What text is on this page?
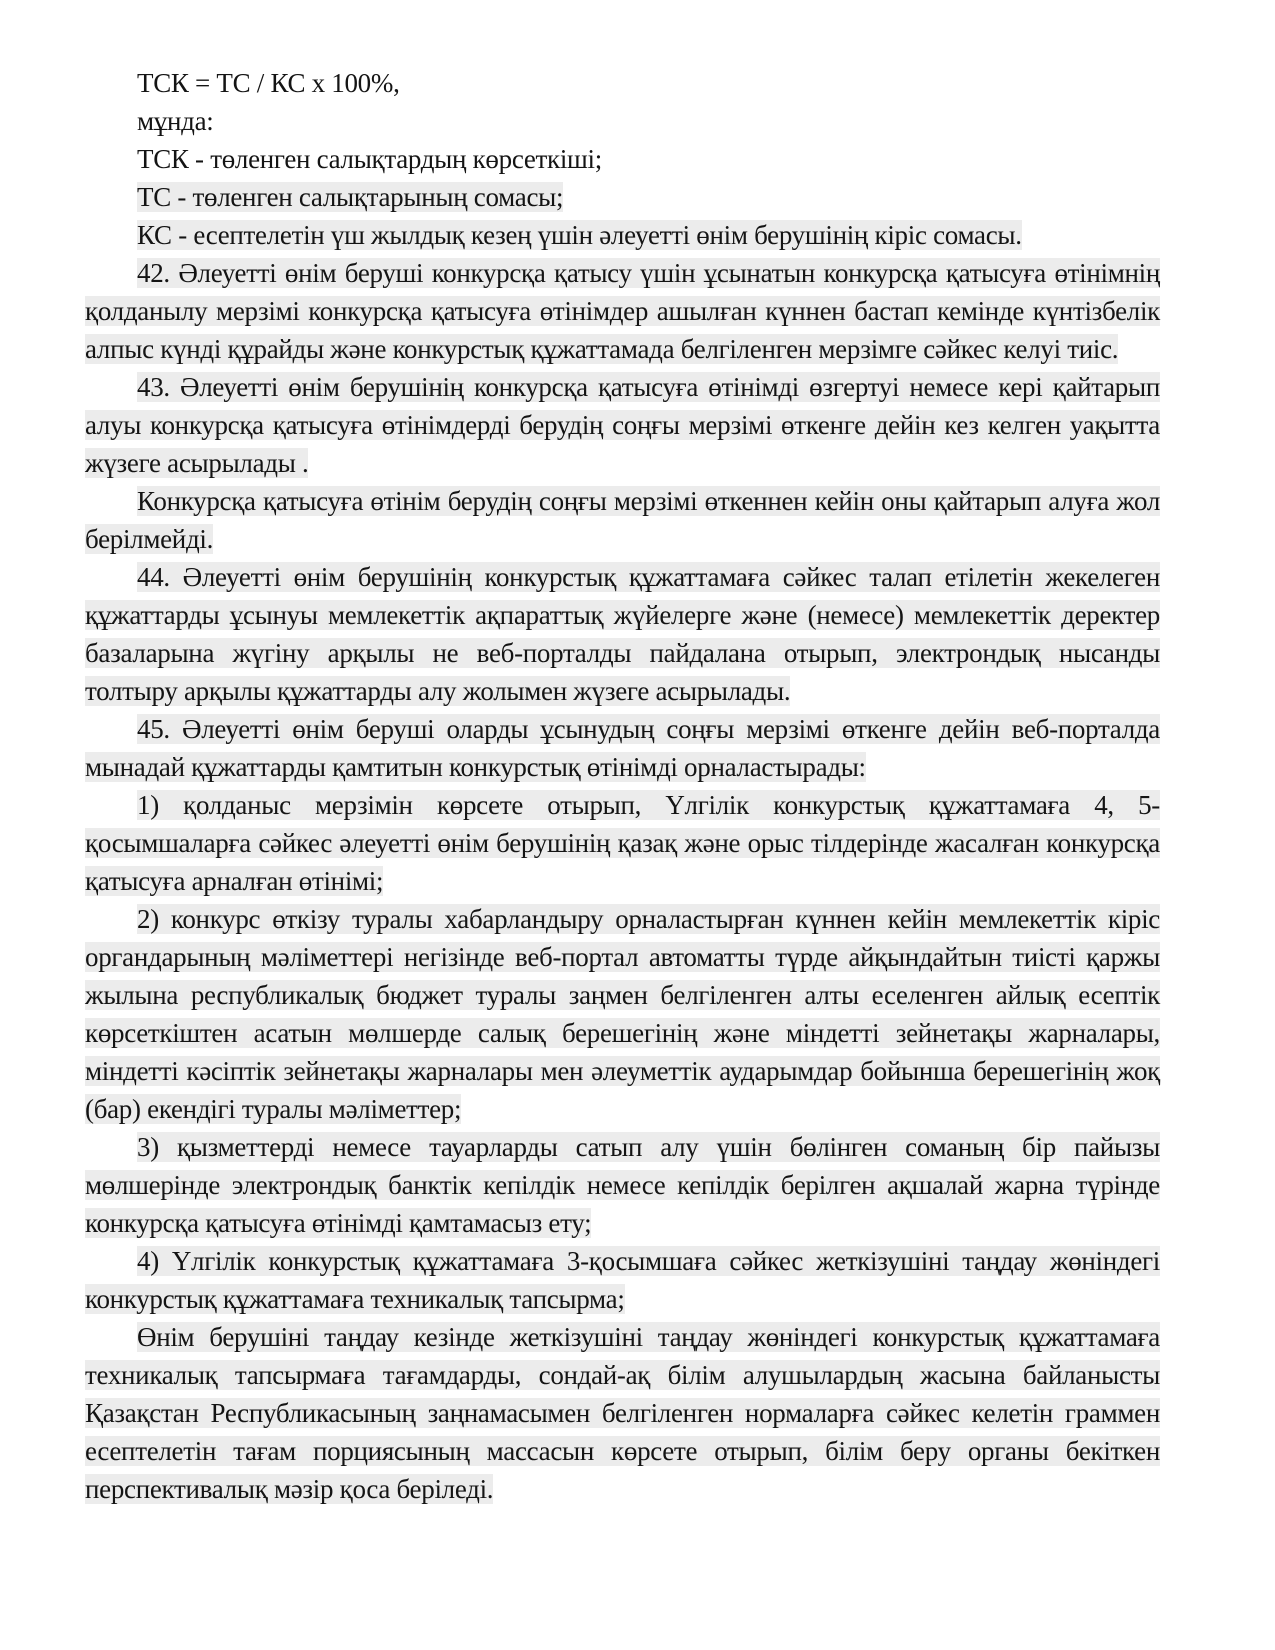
ТСК = ТС / КС х 100%,

мұнда:

ТСК - төленген салықтардың көрсеткіші;

ТС - төленген салықтарының сомасы;

КС - есептелетін үш жылдық кезең үшін әлеуетті өнім берушінің кіріс сомасы.

42. Әлеуетті өнім беруші конкурсқа қатысу үшін ұсынатын конкурсқа қатысуға өтінімнің қолданылу мерзімі конкурсқа қатысуға өтінімдер ашылған күннен бастап кемінде күнтізбелік алпыс күнді құрайды және конкурстық құжаттамада белгіленген мерзімге сәйкес келуі тиіс.

43. Әлеуетті өнім берушінің конкурсқа қатысуға өтінімді өзгертуі немесе кері қайтарып алуы конкурсқа қатысуға өтінімдерді берудің соңғы мерзімі өткенге дейін кез келген уақытта жүзеге асырылады .

Конкурсқа қатысуға өтінім берудің соңғы мерзімі өткеннен кейін оны қайтарып алуға жол берілмейді.

44. Әлеуетті өнім берушінің конкурстық құжаттамаға сәйкес талап етілетін жекелеген құжаттарды ұсынуы мемлекеттік ақпараттық жүйелерге және (немесе) мемлекеттік деректер базаларына жүгіну арқылы не веб-порталды пайдалана отырып, электрондық нысанды толтыру арқылы құжаттарды алу жолымен жүзеге асырылады.

45. Әлеуетті өнім беруші оларды ұсынудың соңғы мерзімі өткенге дейін веб-порталда мынадай құжаттарды қамтитын конкурстық өтінімді орналастырады:

1) қолданыс мерзімін көрсете отырып, Үлгілік конкурстық құжаттамаға 4, 5-қосымшаларға сәйкес әлеуетті өнім берушінің қазақ және орыс тілдерінде жасалған конкурсқа қатысуға арналған өтінімі;

2) конкурс өткізу туралы хабарландыру орналастырған күннен кейін мемлекеттік кіріс органдарының мәліметтері негізінде веб-портал автоматты түрде айқындайтын тиісті қаржы жылына республикалық бюджет туралы заңмен белгіленген алты еселенген айлық есептік көрсеткіштен асатын мөлшерде салық берешегінің және міндетті зейнетақы жарналары, міндетті кәсіптік зейнетақы жарналары мен әлеуметтік аударымдар бойынша берешегінің жоқ (бар) екендігі туралы мәліметтер;

3) қызметтерді немесе тауарларды сатып алу үшін бөлінген соманың бір пайызы мөлшерінде электрондық банктік кепілдік немесе кепілдік берілген ақшалай жарна түрінде конкурсқа қатысуға өтінімді қамтамасыз ету;

4) Үлгілік конкурстық құжаттамаға 3-қосымшаға сәйкес жеткізушіні таңдау жөніндегі конкурстық құжаттамаға техникалық тапсырма;

Өнім берушіні таңдау кезінде жеткізушіні таңдау жөніндегі конкурстық құжаттамаға техникалық тапсырмаға тағамдарды, сондай-ақ білім алушылардың жасына байланысты Қазақстан Республикасының заңнамасымен белгіленген нормаларға сәйкес келетін граммен есептелетін тағам порциясының массасын көрсете отырып, білім беру органы бекіткен перспективалық мәзір қоса беріледі.
